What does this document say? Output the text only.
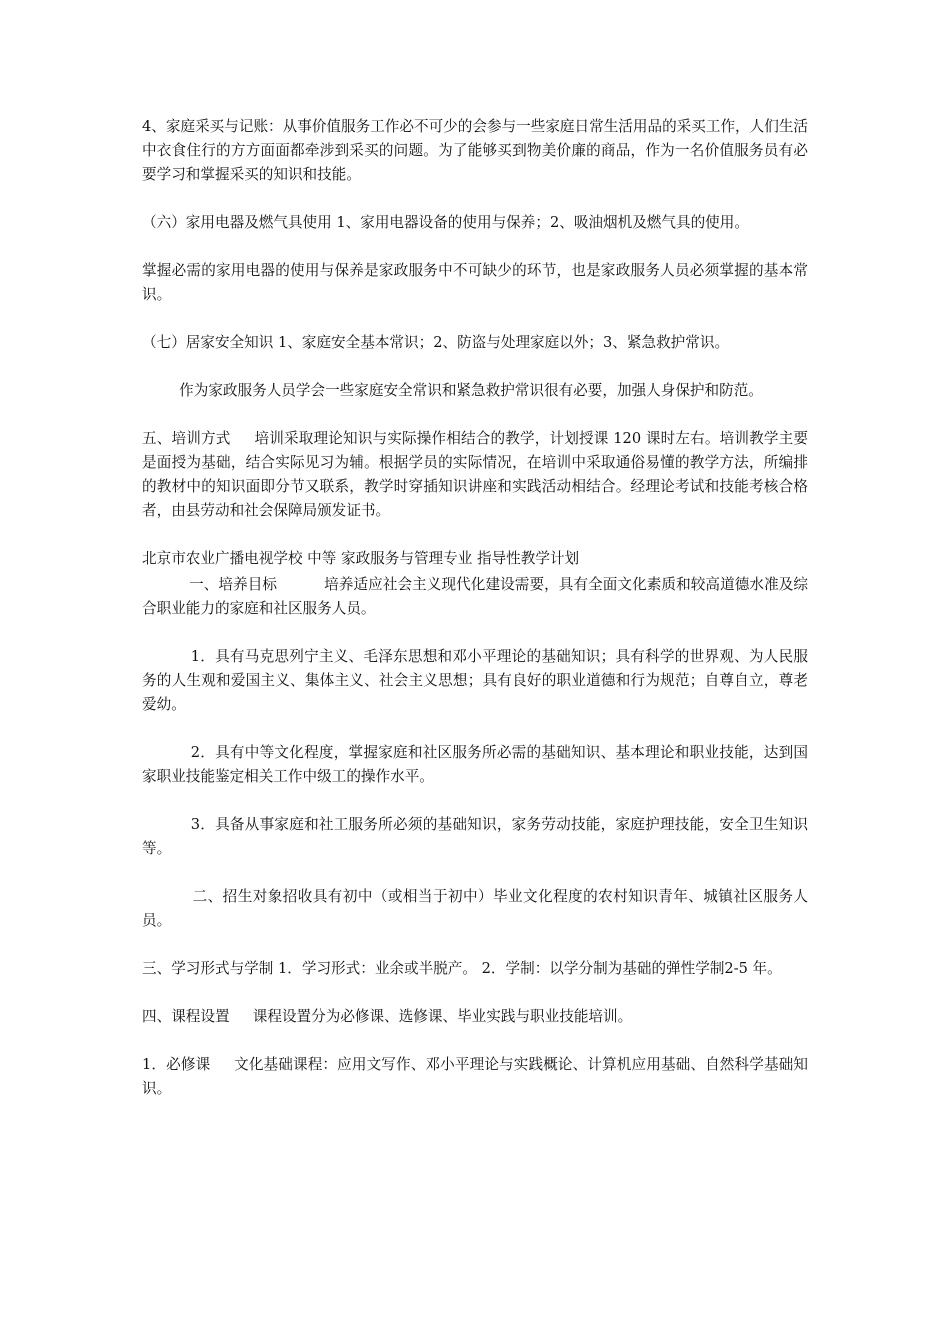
4、家庭采买与记账：从事价值服务工作必不可少的会参与一些家庭日常生活用品的采买工作，人们生活中衣食住行的方方面面都牵涉到采买的问题。为了能够买到物美价廉的商品，作为一名价值服务员有必要学习和掌握采买的知识和技能。

（六）家用电器及燃气具使用 1、家用电器设备的使用与保养；2、吸油烟机及燃气具的使用。

掌握必需的家用电器的使用与保养是家政服务中不可缺少的环节，也是家政服务人员必须掌握的基本常识。

（七）居家安全知识 1、家庭安全基本常识；2、防盗与处理家庭以外；3、紧急救护常识。

作为家政服务人员学会一些家庭安全常识和紧急救护常识很有必要，加强人身保护和防范。

五、培训方式     培训采取理论知识与实际操作相结合的教学，计划授课 120 课时左右。培训教学主要是面授为基础，结合实际见习为辅。根据学员的实际情况，在培训中采取通俗易懂的教学方法，所编排的教材中的知识面即分节又联系，教学时穿插知识讲座和实践活动相结合。经理论考试和技能考核合格者，由县劳动和社会保障局颁发证书。

北京市农业广播电视学校 中等 家政服务与管理专业 指导性教学计划

一、培养目标          培养适应社会主义现代化建设需要，具有全面文化素质和较高道德水准及综合职业能力的家庭和社区服务人员。

1．具有马克思列宁主义、毛泽东思想和邓小平理论的基础知识；具有科学的世界观、为人民服务的人生观和爱国主义、集体主义、社会主义思想；具有良好的职业道德和行为规范；自尊自立，尊老爱幼。

2．具有中等文化程度，掌握家庭和社区服务所必需的基础知识、基本理论和职业技能，达到国家职业技能鉴定相关工作中级工的操作水平。

3．具备从事家庭和社工服务所必须的基础知识，家务劳动技能，家庭护理技能，安全卫生知识等。

二、招生对象招收具有初中（或相当于初中）毕业文化程度的农村知识青年、城镇社区服务人员。

三、学习形式与学制 1．学习形式：业余或半脱产。 2．学制：以学分制为基础的弹性学制2-5 年。

四、课程设置     课程设置分为必修课、选修课、毕业实践与职业技能培训。

1．必修课     文化基础课程：应用文写作、邓小平理论与实践概论、计算机应用基础、自然科学基础知识。
